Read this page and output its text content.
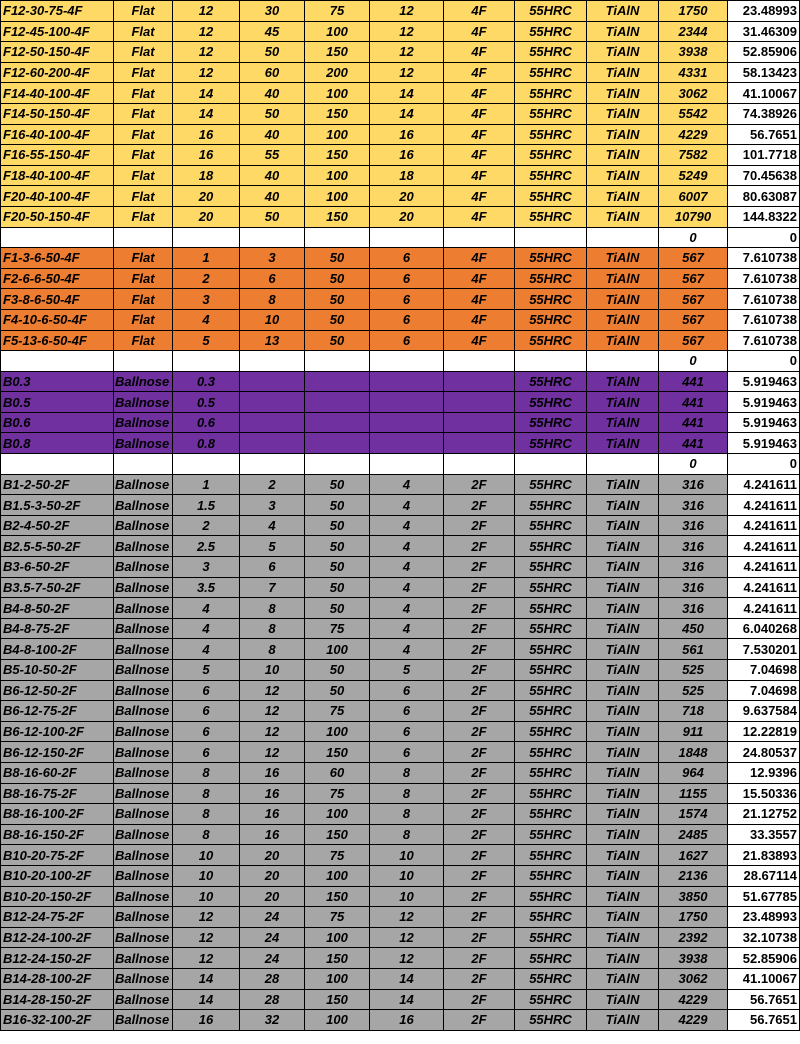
F12-30-75-4F	Flat	12	30	75	12	4F	55HRC	TiAlN	1750	23.48993
F12-45-100-4F	Flat	12	45	100	12	4F	55HRC	TiAlN	2344	31.46309
F12-50-150-4F	Flat	12	50	150	12	4F	55HRC	TiAlN	3938	52.85906
F12-60-200-4F	Flat	12	60	200	12	4F	55HRC	TiAlN	4331	58.13423
F14-40-100-4F	Flat	14	40	100	14	4F	55HRC	TiAlN	3062	41.10067
F14-50-150-4F	Flat	14	50	150	14	4F	55HRC	TiAlN	5542	74.38926
F16-40-100-4F	Flat	16	40	100	16	4F	55HRC	TiAlN	4229	56.7651
F16-55-150-4F	Flat	16	55	150	16	4F	55HRC	TiAlN	7582	101.7718
F18-40-100-4F	Flat	18	40	100	18	4F	55HRC	TiAlN	5249	70.45638
F20-40-100-4F	Flat	20	40	100	20	4F	55HRC	TiAlN	6007	80.63087
F20-50-150-4F	Flat	20	50	150	20	4F	55HRC	TiAlN	10790	144.8322
									0	0
F1-3-6-50-4F	Flat	1	3	50	6	4F	55HRC	TiAlN	567	7.610738
F2-6-6-50-4F	Flat	2	6	50	6	4F	55HRC	TiAlN	567	7.610738
F3-8-6-50-4F	Flat	3	8	50	6	4F	55HRC	TiAlN	567	7.610738
F4-10-6-50-4F	Flat	4	10	50	6	4F	55HRC	TiAlN	567	7.610738
F5-13-6-50-4F	Flat	5	13	50	6	4F	55HRC	TiAlN	567	7.610738
									0	0
B0.3	Ballnose	0.3					55HRC	TiAlN	441	5.919463
B0.5	Ballnose	0.5					55HRC	TiAlN	441	5.919463
B0.6	Ballnose	0.6					55HRC	TiAlN	441	5.919463
B0.8	Ballnose	0.8					55HRC	TiAlN	441	5.919463
									0	0
B1-2-50-2F	Ballnose	1	2	50	4	2F	55HRC	TiAlN	316	4.241611
B1.5-3-50-2F	Ballnose	1.5	3	50	4	2F	55HRC	TiAlN	316	4.241611
B2-4-50-2F	Ballnose	2	4	50	4	2F	55HRC	TiAlN	316	4.241611
B2.5-5-50-2F	Ballnose	2.5	5	50	4	2F	55HRC	TiAlN	316	4.241611
B3-6-50-2F	Ballnose	3	6	50	4	2F	55HRC	TiAlN	316	4.241611
B3.5-7-50-2F	Ballnose	3.5	7	50	4	2F	55HRC	TiAlN	316	4.241611
B4-8-50-2F	Ballnose	4	8	50	4	2F	55HRC	TiAlN	316	4.241611
B4-8-75-2F	Ballnose	4	8	75	4	2F	55HRC	TiAlN	450	6.040268
B4-8-100-2F	Ballnose	4	8	100	4	2F	55HRC	TiAlN	561	7.530201
B5-10-50-2F	Ballnose	5	10	50	5	2F	55HRC	TiAlN	525	7.04698
B6-12-50-2F	Ballnose	6	12	50	6	2F	55HRC	TiAlN	525	7.04698
B6-12-75-2F	Ballnose	6	12	75	6	2F	55HRC	TiAlN	718	9.637584
B6-12-100-2F	Ballnose	6	12	100	6	2F	55HRC	TiAlN	911	12.22819
B6-12-150-2F	Ballnose	6	12	150	6	2F	55HRC	TiAlN	1848	24.80537
B8-16-60-2F	Ballnose	8	16	60	8	2F	55HRC	TiAlN	964	12.9396
B8-16-75-2F	Ballnose	8	16	75	8	2F	55HRC	TiAlN	1155	15.50336
B8-16-100-2F	Ballnose	8	16	100	8	2F	55HRC	TiAlN	1574	21.12752
B8-16-150-2F	Ballnose	8	16	150	8	2F	55HRC	TiAlN	2485	33.3557
B10-20-75-2F	Ballnose	10	20	75	10	2F	55HRC	TiAlN	1627	21.83893
B10-20-100-2F	Ballnose	10	20	100	10	2F	55HRC	TiAlN	2136	28.67114
B10-20-150-2F	Ballnose	10	20	150	10	2F	55HRC	TiAlN	3850	51.67785
B12-24-75-2F	Ballnose	12	24	75	12	2F	55HRC	TiAlN	1750	23.48993
B12-24-100-2F	Ballnose	12	24	100	12	2F	55HRC	TiAlN	2392	32.10738
B12-24-150-2F	Ballnose	12	24	150	12	2F	55HRC	TiAlN	3938	52.85906
B14-28-100-2F	Ballnose	14	28	100	14	2F	55HRC	TiAlN	3062	41.10067
B14-28-150-2F	Ballnose	14	28	150	14	2F	55HRC	TiAlN	4229	56.7651
B16-32-100-2F	Ballnose	16	32	100	16	2F	55HRC	TiAlN	4229	56.7651
